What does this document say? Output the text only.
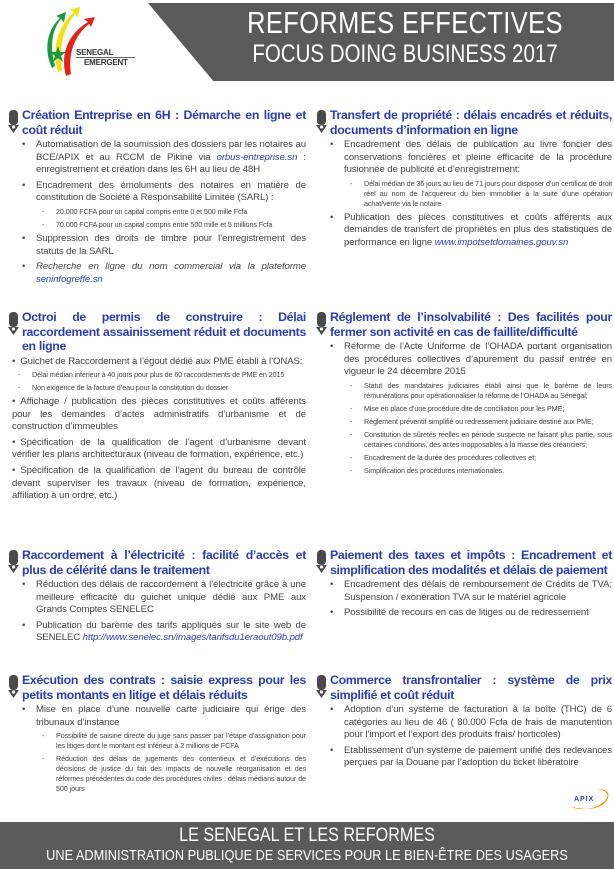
SENEGAL
EMERGENT
REFORMES EFFECTIVES
FOCUS DOING BUSINESS 2017
Création Entreprise en 6H : Démarche en ligne et coût réduit
• Automatisation de la soumission des dossiers par les notaires au BCE/APIX et au RCCM de Pikine via orbus-entreprise.sn : enregistrement et création dans les 6H au lieu de 48H
• Encadrement des émoluments des notaires en matière de constitution de Société à Responsabilité Limitée (SARL) :
- 20.000 FCFA pour un capital compris entre 0 et 500 mille Fcfa
- 70.000 FCFA pour un capital compris entre 500 mille et 5 millions Fcfa
• Suppression des droits de timbre pour l’enregistrement des statuts de la SARL
• Recherche en ligne du nom commercial via la plateforme seninfogreffe.sn
Transfert de propriété : délais encadrés et réduits, documents d’information en ligne
• Encadrement des délais de publication au livre foncier des conservations foncières et pleine efficacité de la procédure fusionnée de publicité et d’enregistrement:
- Délai médian de 36 jours au lieu de 71 jours pour disposer d’un certificat de droit réel au nom de l’acquéreur du bien immobilier à la suite d’une opération achat/vente via le notaire
• Publication des pièces constitutives et coûts afférents aux demandes de transfert de propriétés en plus des statistiques de performance en ligne www.impotsetdomaines.gouv.sn
Octroi de permis de construire : Délai raccordement assainissement réduit et documents en ligne
• Guichet de Raccordement à l’égout dédié aux PME établi à l’ONAS:
- Délai médian inférieur à 40 jours pour plus de 60 raccordements de PME en 2015
- Non exigence de la facture d’eau pour la constitution du dossier
• Affichage / publication des pièces constitutives et coûts afférents pour les demandes d’actes administratifs d’urbanisme et de construction d’immeubles
• Spécification de la qualification de l’agent d’urbanisme devant vérifier les plans architecturaux (niveau de formation, expérience, etc.)
• Spécification de la qualification de l’agent du bureau de contrôle devant superviser les travaux (niveau de formation, expérience, affiliation à un ordre, etc.)
Réglement de l’insolvabilité : Des facilités pour fermer son activité en cas de faillite/difficulté
• Réforme de l’Acte Uniforme de l’OHADA portant organisation des procédures collectives d’apurement du passif entrée en vigueur le 24 décembre 2015
- Statut des mandataires judiciaires établi ainsi que le barème de leurs rémunérations pour opérationnaliser la réforme de l’OHADA au Sénégal;
- Mise en place d’une procédure dite de conciliation pour les PME;
- Réglement préventif simplifié ou redressement judiciaire destiné aux PME;
- Constitution de sûretés réelles en période suspecte ne faisant plus partie, sous certaines conditions, des actes inopposables à la masse des créanciers;
- Encadrement de la durée des procédures collectives et;
- Simplification des procédures internationales.
Raccordement à l’électricité : facilité d’accès et plus de célérité dans le traitement
• Réduction des délais de raccordement à l’électricité grâce à une meilleure efficacité du guichet unique dédié aux PME aux Grands Comptes SENELEC
• Publication du barème des tarifs appliqués sur le site web de SENELEC http://www.senelec.sn/images/tarifsdu1eraout09b.pdf
Paiement des taxes et impôts : Encadrement et simplification des modalités et délais de paiement
• Encadrement des délais de remboursement de Crédits de TVA; Suspension / exonération TVA sur le matériel agricole
• Possibilité de recours en cas de litiges ou de redressement
Exécution des contrats : saisie express pour les petits montants en litige et délais réduits
• Mise en place d’une nouvelle carte judiciaire qui érige des tribunaux d’instance
- Possibilité de saisine directe du juge sans passer par l’étape d’assignation pour les litiges dont le montant est inférieur à 2 millions de FCFA
- Réduction des délais de jugements des contentieux et d’exécutions des décisions de justice du fait des impacts de nouvelle réorganisation et des réformes précédentes du code des procédures civiles : délais médians autour de 500 jours
Commerce transfrontalier : système de prix simplifié et coût réduit
• Adoption d’un système de facturation à la boîte (THC) de 6 catégories au lieu de 46 ( 80.000 Fcfa de frais de manutention pour l’import et l’export des produits frais/ horticoles)
• Etablissement d’un système de paiement unifié des redevances perçues par la Douane par l’adoption du ticket libératoire
APIX
LE SENEGAL ET LES REFORMES
UNE ADMINISTRATION PUBLIQUE DE SERVICES POUR LE BIEN-ÊTRE DES USAGERS
